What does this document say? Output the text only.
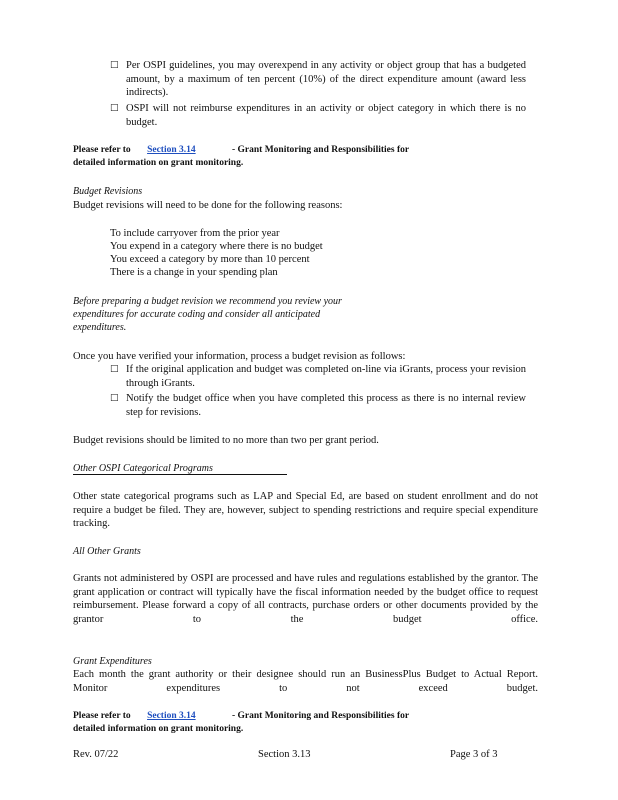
□ Per OSPI guidelines, you may overexpend in any activity or object group that has a budgeted amount, by a maximum of ten percent (10%) of the direct expenditure amount (award less indirects).
□ OSPI will not reimburse expenditures in an activity or object category in which there is no budget.
Please refer to Section 3.14	- Grant Monitoring and Responsibilities for
detailed information on grant monitoring.
Budget Revisions
Budget revisions will need to be done for the following reasons:
To include carryover from the prior year
You expend in a category where there is no budget
You exceed a category by more than 10 percent
There is a change in your spending plan
Before preparing a budget revision we recommend you review your
expenditures for accurate coding and consider all anticipated
expenditures.
Once you have verified your information, process a budget revision as follows:
□ If the original application and budget was completed on-line via iGrants, process your revision through iGrants.
□ Notify the budget office when you have completed this process as there is no internal review step for revisions.
Budget revisions should be limited to no more than two per grant period.
Other OSPI Categorical Programs
Other state categorical programs such as LAP and Special Ed, are based on student enrollment and do not require a budget be filed. They are, however, subject to spending restrictions and require special expenditure tracking.
All Other Grants
Grants not administered by OSPI are processed and have rules and regulations established by the grantor. The grant application or contract will typically have the fiscal information needed by the budget office to request reimbursement. Please forward a copy of all contracts, purchase orders or other documents provided by the grantor to the budget office.
Grant Expenditures
Each month the grant authority or their designee should run an BusinessPlus Budget to Actual Report. Monitor expenditures to not exceed budget.
Please refer to Section 3.14	- Grant Monitoring and Responsibilities for
detailed information on grant monitoring.
Rev. 07/22	Section 3.13	Page 3 of 3
